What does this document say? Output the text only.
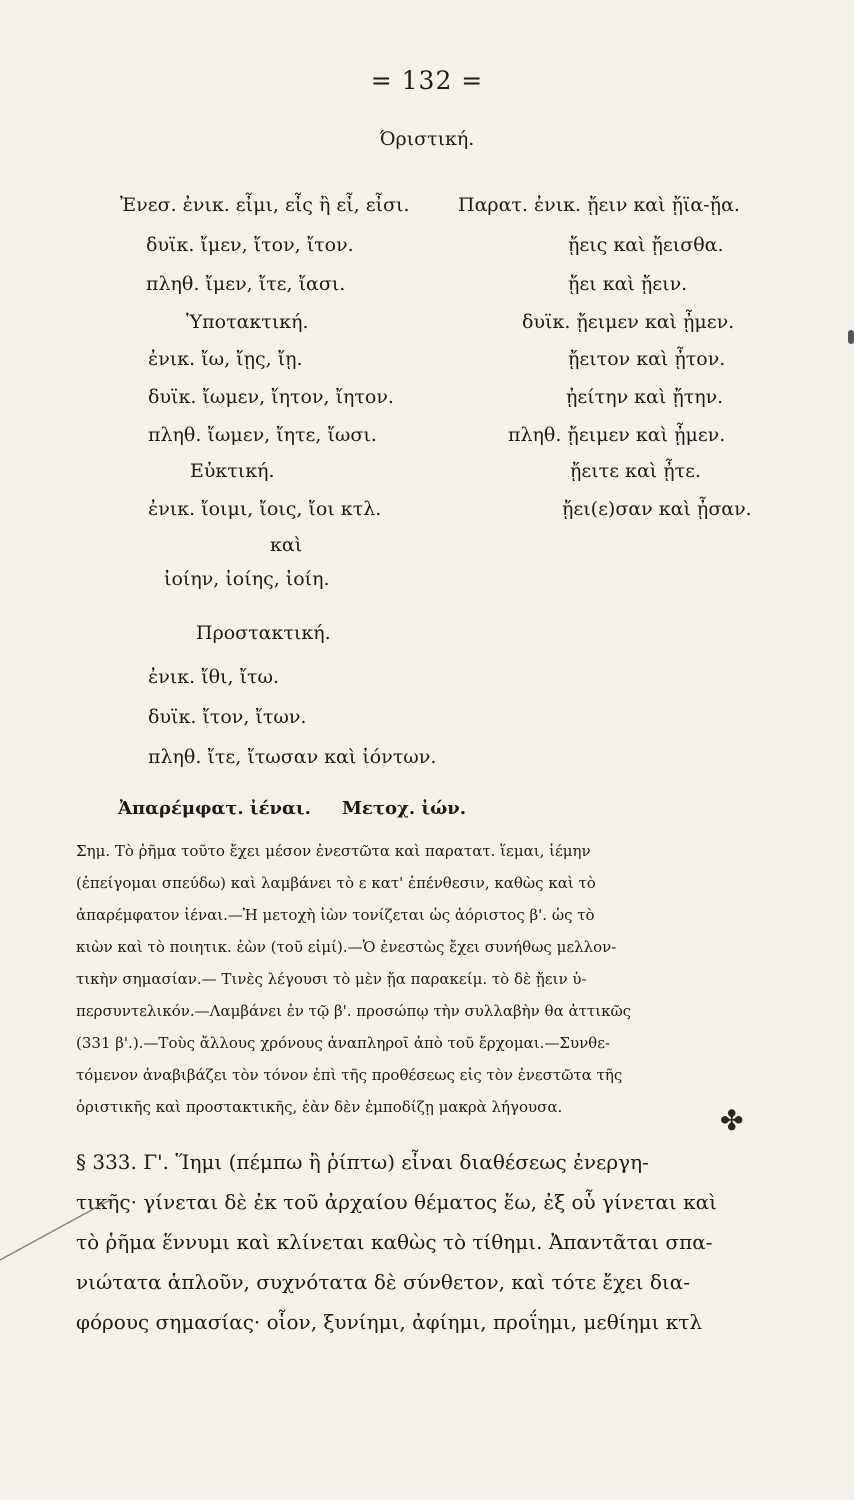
= 132 =
Όριστική.
Ἐνεσ. ἐνικ. εἶμι, εἶς ἢ εἶ, εἶσι.
δυϊκ. ἴμεν, ἴτον, ἴτον.
πληθ. ἴμεν, ἴτε, ἴασι.
Ὑποτακτική.
ἐνικ. ἴω, ἴῃς, ἴῃ.
δυϊκ. ἴωμεν, ἴητον, ἴητον.
πληθ. ἴωμεν, ἴητε, ἴωσι.
Εὐκτική.
ἐνικ. ἴοιμι, ἴοις, ἴοι κτλ.
καὶ
ἰοίην, ἰοίης, ἰοίη.
Προστακτική.
ἐνικ. ἴθι, ἴτω.
δυϊκ. ἴτον, ἴτων.
πληθ. ἴτε, ἴτωσαν καὶ ἰόντων.
Παρατ. ἐνικ. ᾔειν καὶ ᾔϊα-ᾔα.
ᾔεις καὶ ᾔεισθα.
ᾔει καὶ ᾔειν.
δυϊκ. ᾔειμεν καὶ ᾖμεν.
ᾔειτον καὶ ᾖτον.
ᾐείτην καὶ ᾔτην.
πληθ. ᾔειμεν καὶ ᾖμεν.
ᾔειτε καὶ ᾖτε.
ᾔει(ε)σαν καὶ ᾖσαν.
Ἀπαρέμφατ. ἰέναι. Μετοχ. ἰών.
Σημ. Τὸ ῥῆμα τοῦτο ἔχει μέσον ἐνεστῶτα καὶ παρατατ. ἵεμαι, ἱέμην
(ἐπείγομαι σπεύδω) καὶ λαμβάνει τὸ ε κατ' ἐπένθεσιν, καθὼς καὶ τὸ
ἀπαρέμφατον ἰέναι.—Ἡ μετοχὴ ἰὼν τονίζεται ὡς ἀόριστος β'. ὡς τὸ
κιὼν καὶ τὸ ποιητικ. ἐὼν (τοῦ εἰμί).—Ὁ ἐνεστὼς ἔχει συνήθως μελλον-
τικὴν σημασίαν.— Τινὲς λέγουσι τὸ μὲν ᾔα παρακείμ. τὸ δὲ ᾔειν ὑ-
περσυντελικόν.—Λαμβάνει ἐν τῷ β'. προσώπῳ τὴν συλλαβὴν θα ἀττικῶς
(331 β'.).—Τοὺς ἄλλους χρόνους ἀναπληροῖ ἀπὸ τοῦ ἔρχομαι.—Συνθε-
τόμενον ἀναβιβάζει τὸν τόνον ἐπὶ τῆς προθέσεως εἰς τὸν ἐνεστῶτα τῆς
ὁριστικῆς καὶ προστακτικῆς, ἐὰν δὲν ἐμποδίζῃ μακρὰ λήγουσα.
§ 333. Γ'. Ἵημι (πέμπω ἢ ῥίπτω) εἶναι διαθέσεως ἐνεργη-
τικῆς· γίνεται δὲ ἐκ τοῦ ἀρχαίου θέματος ἕω, ἐξ οὗ γίνεται καὶ
τὸ ῥῆμα ἕννυμι καὶ κλίνεται καθὼς τὸ τίθημι. Ἀπαντᾶται σπα-
νιώτατα ἁπλοῦν, συχνότατα δὲ σύνθετον, καὶ τότε ἔχει δια-
φόρους σημασίας· οἷον, ξυνίημι, ἀφίημι, προΐημι, μεθίημι κτλ
✤
